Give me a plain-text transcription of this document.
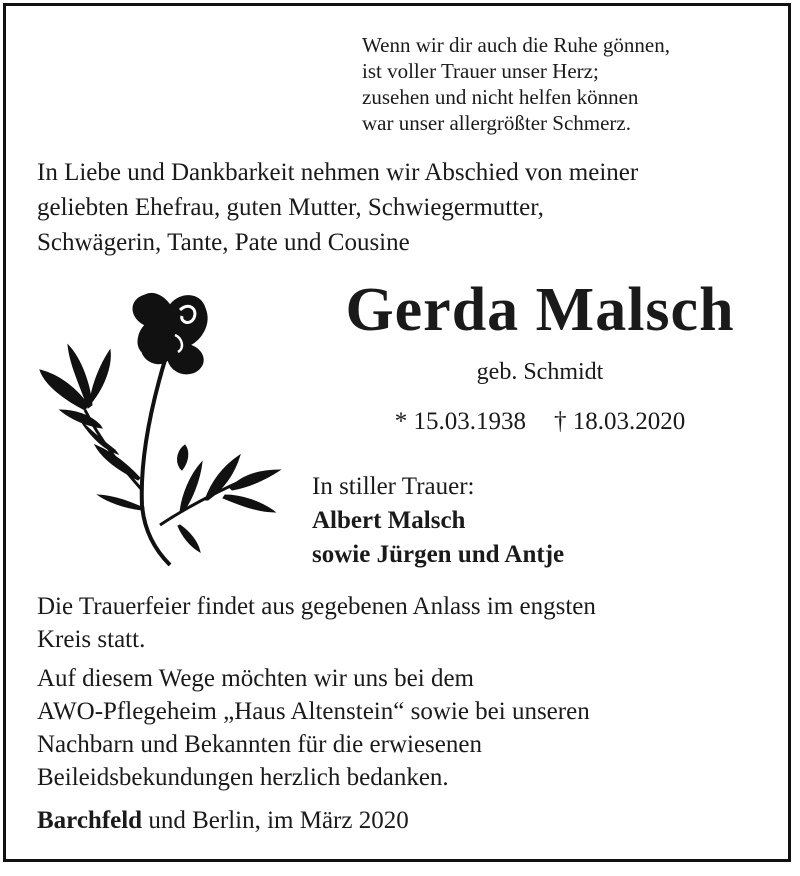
Wenn wir dir auch die Ruhe gönnen,
ist voller Trauer unser Herz;
zusehen und nicht helfen können
war unser allergrößter Schmerz.
In Liebe und Dankbarkeit nehmen wir Abschied von meiner
geliebten Ehefrau, guten Mutter, Schwiegermutter,
Schwägerin, Tante, Pate und Cousine
Gerda Malsch
geb. Schmidt
* 15.03.1938 † 18.03.2020
In stiller Trauer:
Albert Malsch
sowie Jürgen und Antje
Die Trauerfeier findet aus gegebenen Anlass im engsten
Kreis statt.
Auf diesem Wege möchten wir uns bei dem
AWO-Pflegeheim „Haus Altenstein“ sowie bei unseren
Nachbarn und Bekannten für die erwiesenen
Beileidsbekundungen herzlich bedanken.
Barchfeld und Berlin, im März 2020
